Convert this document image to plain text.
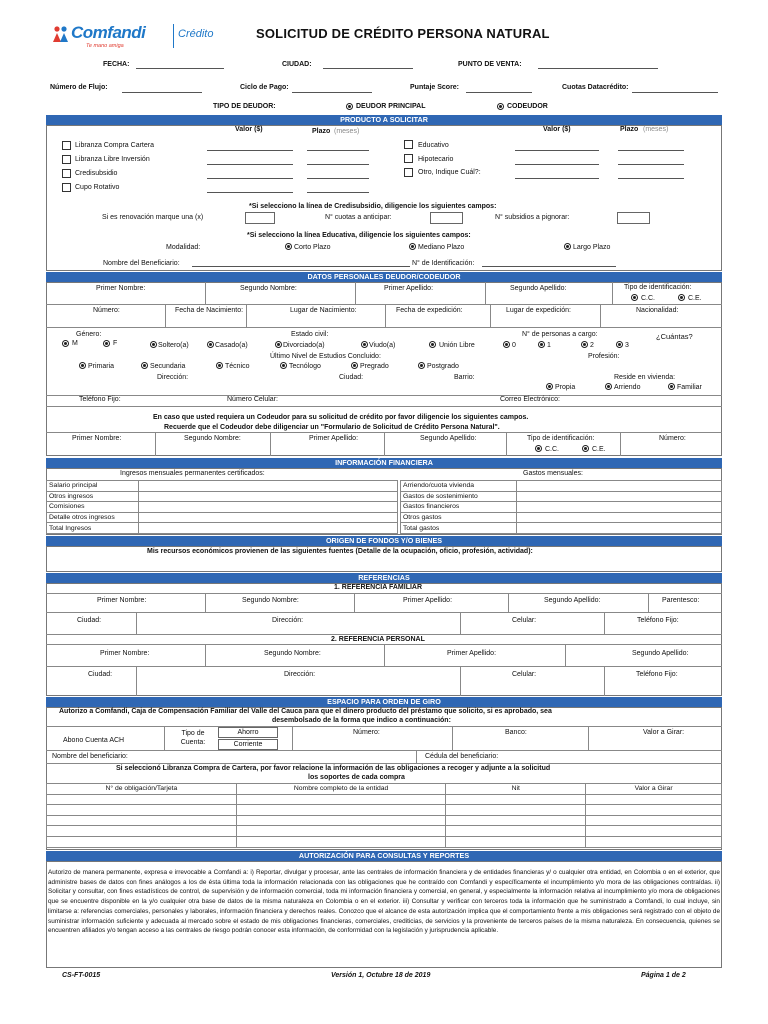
Comfandi
Te mano amiga
Crédito	SOLICITUD DE CRÉDITO PERSONA NATURAL
FECHA:	CIUDAD:	PUNTO DE VENTA:
Número de Flujo:	Ciclo de Pago:	Puntaje Score:	Cuotas Datacrédito:
TIPO DE DEUDOR:	DEUDOR PRINCIPAL	CODEUDOR
PRODUCTO A SOLICITAR
Valor ($)	Plazo (meses)	Valor ($)	Plazo (meses)
Libranza Compra Cartera
Libranza Libre Inversión
Credisubsidio
Cupo Rotativo
Educativo
Hipotecario
Otro, Indique Cuál?:
*Si selecciono la línea de Credisubsidio, diligencie los siguientes campos:
Si es renovación marque una (x)	N° cuotas a anticipar:	N° subsidios a pignorar:
*Si selecciono la línea Educativa, diligencie los siguientes campos:
Modalidad:	Corto Plazo	Mediano Plazo	Largo Plazo
Nombre del Beneficiario:	N° de Identificación:
DATOS PERSONALES DEUDOR/CODEUDOR
Primer Nombre:	Segundo Nombre:	Primer Apellido:	Segundo Apellido:	Tipo de identificación:
C.C.	C.E.
Número:	Fecha de Nacimiento:	Lugar de Nacimiento:	Fecha de expedición:	Lugar de expedición:	Nacionalidad:
Género:
M	F
Estado civil:
Soltero(a)	Casado(a)	Divorciado(a)	Viudo(a)	Unión Libre
N° de personas a cargo:
0	1	2	3
¿Cuántas?
Último Nivel de Estudios Concluido:
Primaria	Secundaria	Técnico	Tecnólogo	Pregrado	Postgrado
Profesión:
Dirección:	Ciudad:	Barrio:	Reside en vivienda:
Propia	Arriendo	Familiar
Teléfono Fijo:	Número Celular:	Correo Electrónico:
En caso que usted requiera un Codeudor para su solicitud de crédito por favor diligencie los siguientes campos.
Recuerde que el Codeudor debe diligenciar un "Formulario de Solicitud de Crédito Persona Natural".
Primer Nombre:	Segundo Nombre:	Primer Apellido:	Segundo Apellido:	Tipo de identificación:
C.C.	C.E.
Número:
INFORMACIÓN FINANCIERA
Ingresos mensuales permanentes certificados:	Gastos mensuales:
Salario principal	
Otros ingresos	
Comisiones	
Detalle otros ingresos	
Total Ingresos	
Arriendo/cuota vivienda	
Gastos de sostenimiento	
Gastos financieros	
Otros gastos	
Total gastos	
ORIGEN DE FONDOS Y/O BIENES
Mis recursos económicos provienen de las siguientes fuentes (Detalle de la ocupación, oficio, profesión, actividad):
REFERENCIAS
1. REFERENCIA FAMILIAR
Primer Nombre:	Segundo Nombre:	Primer Apellido:	Segundo Apellido:	Parentesco:
Ciudad:	Dirección:	Celular:	Teléfono Fijo:
2. REFERENCIA PERSONAL
Primer Nombre:	Segundo Nombre:	Primer Apellido:	Segundo Apellido:
Ciudad:	Dirección:	Celular:	Teléfono Fijo:
ESPACIO PARA ORDEN DE GIRO
Autorizo a Comfandi, Caja de Compensación Familiar del Valle del Cauca para que el dinero producto del préstamo que solicito, si es aprobado, sea
desembolsado de la forma que indico a continuación:
Abono Cuenta ACH
Tipo de Cuenta:
Ahorro
Corriente
Número:	Banco:	Valor a Girar:
Nombre del beneficiario:	Cédula del beneficiario:
Si seleccionó Libranza Compra de Cartera, por favor relacione la información de las obligaciones a recoger y adjunte a la solicitud
los soportes de cada compra
N° de obligación/Tarjeta	Nombre completo de la entidad	Nit	Valor a Girar

AUTORIZACIÓN PARA CONSULTAS Y REPORTES
Autorizo de manera permanente, expresa e irrevocable a Comfandi a: i) Reportar, divulgar y procesar, ante las centrales de información financiera y de entidades financieras y/ o cualquier otra entidad, en Colombia o en el exterior, que administre bases de datos con fines análogos a los de ésta última toda la información relacionada con las obligaciones que he contraído con Comfandi y específicamente el incumplimiento y/o mora de las obligaciones contraídas. ii) Solicitar y consultar, con fines estadísticos de control, de supervisión y de información comercial, toda mi información financiera y comercial, en general, y especialmente la información relativa al incumplimiento y/o mora de obligaciones que se encuentre disponible en la y/o cualquier otra base de datos de la misma naturaleza en Colombia o en el exterior. iii) Consultar y verificar con terceros toda la información que he suministrado a Comfandi, lo cual incluye, sin limitarse a: referencias comerciales, personales y laborales, información financiera y derechos reales. Conozco que el alcance de esta autorización implica que el comportamiento frente a mis obligaciones será registrado con el objeto de suministrar información suficiente y adecuada al mercado sobre el estado de mis obligaciones financieras, comerciales, crediticias, de servicios y la proveniente de terceros países de la misma naturaleza. En consecuencia, quienes se encuentren afiliados y/o tengan acceso a las centrales de riesgo podrán conocer esta información, de conformidad con la legislación y jurisprudencia aplicable.
CS-FT-0015	Versión 1, Octubre 18 de 2019	Página 1 de 2
